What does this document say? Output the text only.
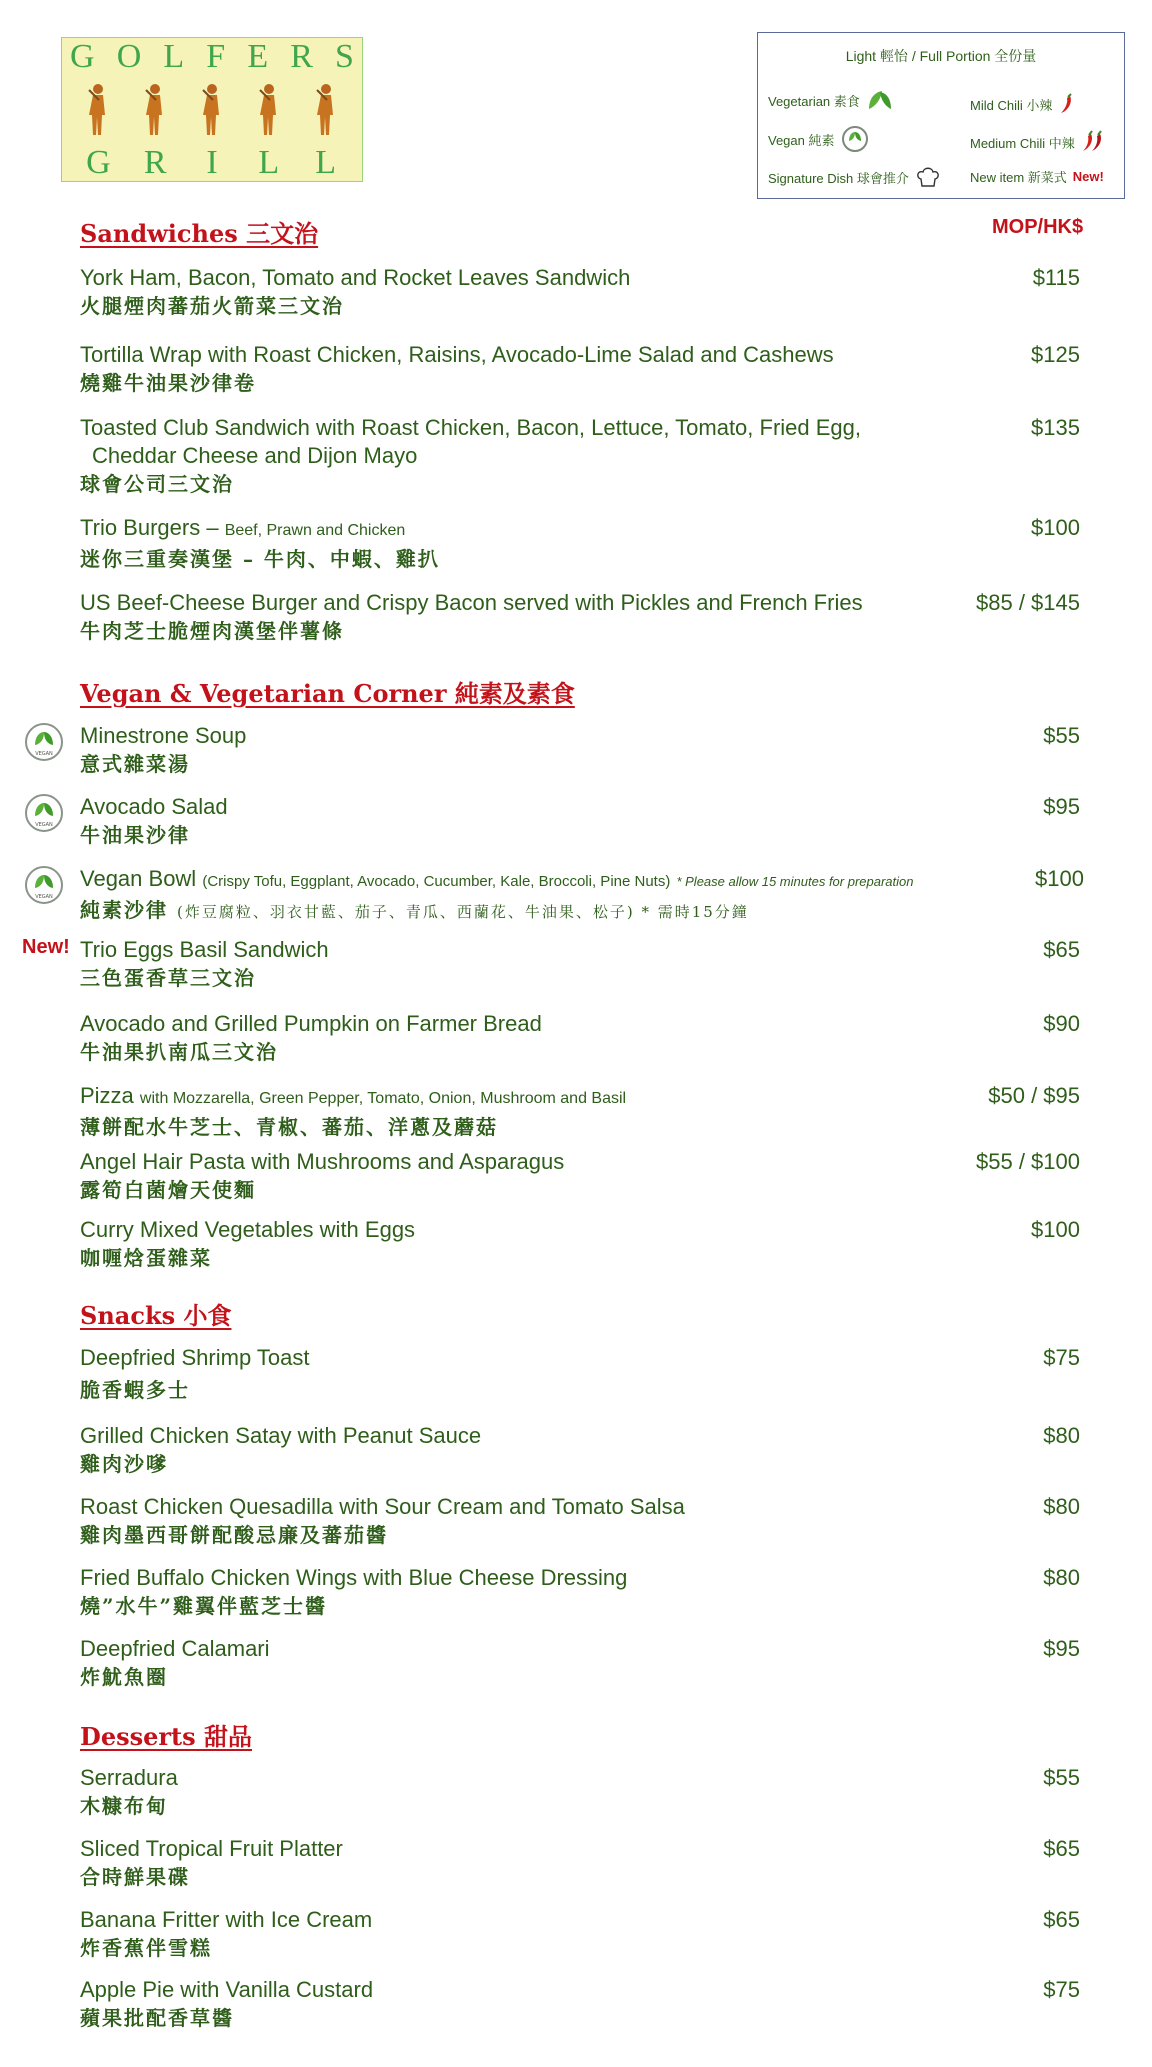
G O L F E R S
G R	I	L	L
Light 輕怡 / Full Portion 全份量
Vegetarian 素食
Vegan 純素
Signature Dish 球會推介
Mild Chili 小辣
Medium Chili 中辣
New item 新菜式 New!
Sandwiches 三文治	MOP/HK$
York Ham, Bacon, Tomato and Rocket Leaves Sandwich
火腿煙肉蕃茄火箭菜三文治
$115
Tortilla Wrap with Roast Chicken, Raisins, Avocado-Lime Salad and Cashews
燒雞牛油果沙律卷
$125
Toasted Club Sandwich with Roast Chicken, Bacon, Lettuce, Tomato, Fried Egg,
Cheddar Cheese and Dijon Mayo
球會公司三文治
$135
Trio Burgers – Beef, Prawn and Chicken
迷你三重奏漢堡 – 牛肉、中蝦、雞扒
$100
US Beef-Cheese Burger and Crispy Bacon served with Pickles and French Fries
牛肉芝士脆煙肉漢堡伴薯條
$85 / $145
Vegan & Vegetarian Corner 純素及素食
VEGAN
Minestrone Soup
意式雜菜湯
$55
VEGAN
Avocado Salad
牛油果沙律
$95
VEGAN
Vegan Bowl (Crispy Tofu, Eggplant, Avocado, Cucumber, Kale, Broccoli, Pine Nuts) * Please allow 15 minutes for preparation
純素沙律 (炸豆腐粒、羽衣甘藍、茄子、青瓜、西蘭花、牛油果、松子) * 需時15分鐘
$100
New! Trio Eggs Basil Sandwich
三色蛋香草三文治
$65
Avocado and Grilled Pumpkin on Farmer Bread
牛油果扒南瓜三文治
$90
Pizza with Mozzarella, Green Pepper, Tomato, Onion, Mushroom and Basil
薄餅配水牛芝士、青椒、蕃茄、洋蔥及蘑菇
$50 / $95
Angel Hair Pasta with Mushrooms and Asparagus
露筍白菌燴天使麵
$55 / $100
Curry Mixed Vegetables with Eggs
咖喱焓蛋雜菜
$100
Snacks 小食
Deepfried Shrimp Toast
脆香蝦多士
$75
Grilled Chicken Satay with Peanut Sauce
雞肉沙嗲
$80
Roast Chicken Quesadilla with Sour Cream and Tomato Salsa
雞肉墨西哥餅配酸忌廉及蕃茄醬
$80
Fried Buffalo Chicken Wings with Blue Cheese Dressing
燒”水牛”雞翼伴藍芝士醬
$80
Deepfried Calamari
炸魷魚圈
$95
Desserts 甜品
Serradura
木糠布甸
$55
Sliced Tropical Fruit Platter
合時鮮果碟
$65
Banana Fritter with Ice Cream
炸香蕉伴雪糕
$65
Apple Pie with Vanilla Custard
蘋果批配香草醬
$75
